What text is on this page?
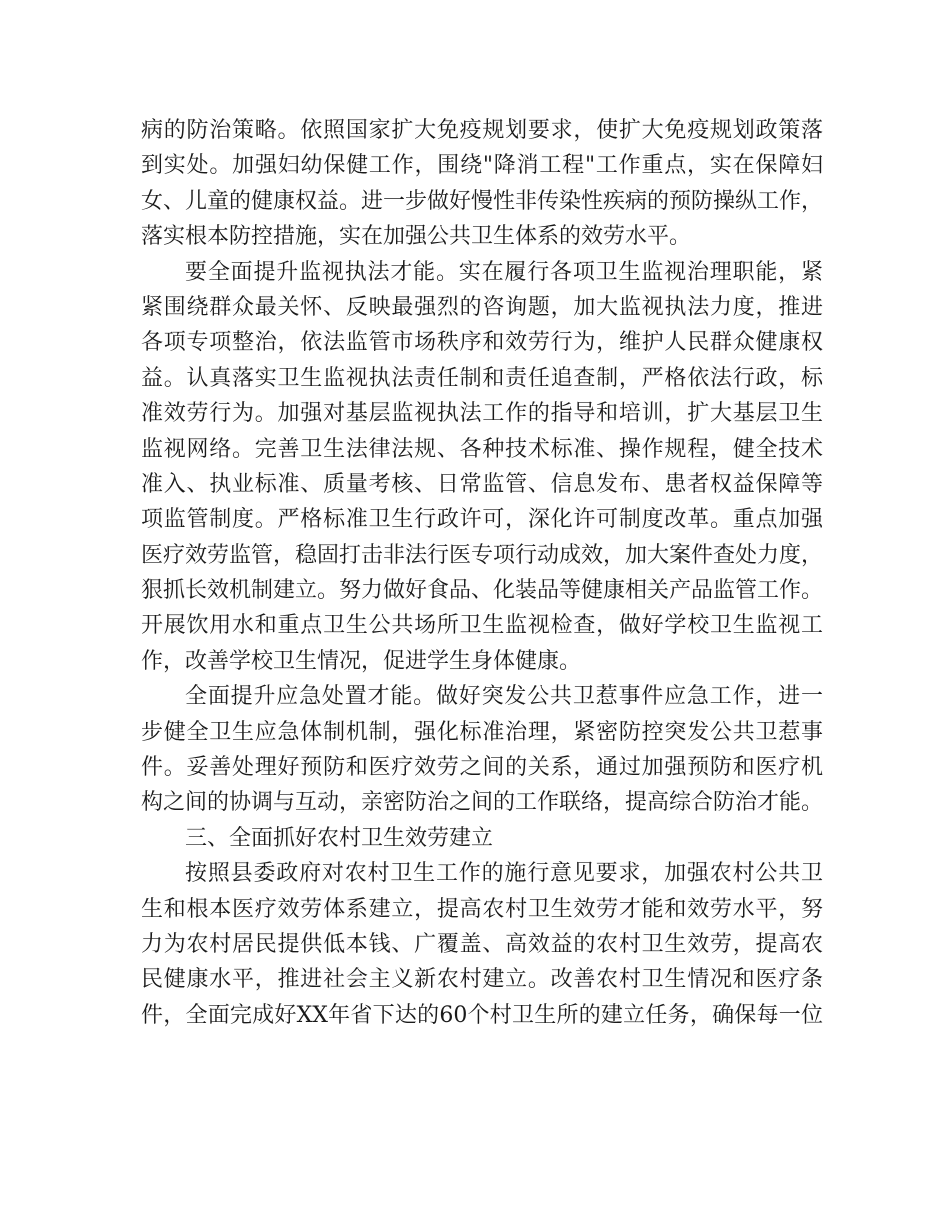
病的防治策略。依照国家扩大免疫规划要求，使扩大免疫规划政策落
到实处。加强妇幼保健工作，围绕"降消工程"工作重点，实在保障妇
女、儿童的健康权益。进一步做好慢性非传染性疾病的预防操纵工作，
落实根本防控措施，实在加强公共卫生体系的效劳水平。
要全面提升监视执法才能。实在履行各项卫生监视治理职能，紧
紧围绕群众最关怀、反映最强烈的咨询题，加大监视执法力度，推进
各项专项整治，依法监管市场秩序和效劳行为，维护人民群众健康权
益。认真落实卫生监视执法责任制和责任追查制，严格依法行政，标
准效劳行为。加强对基层监视执法工作的指导和培训，扩大基层卫生
监视网络。完善卫生法律法规、各种技术标准、操作规程，健全技术
准入、执业标准、质量考核、日常监管、信息发布、患者权益保障等
项监管制度。严格标准卫生行政许可，深化许可制度改革。重点加强
医疗效劳监管，稳固打击非法行医专项行动成效，加大案件查处力度，
狠抓长效机制建立。努力做好食品、化装品等健康相关产品监管工作。
开展饮用水和重点卫生公共场所卫生监视检查，做好学校卫生监视工
作，改善学校卫生情况，促进学生身体健康。
全面提升应急处置才能。做好突发公共卫惹事件应急工作，进一
步健全卫生应急体制机制，强化标准治理，紧密防控突发公共卫惹事
件。妥善处理好预防和医疗效劳之间的关系，通过加强预防和医疗机
构之间的协调与互动，亲密防治之间的工作联络，提高综合防治才能。
三、全面抓好农村卫生效劳建立
按照县委政府对农村卫生工作的施行意见要求，加强农村公共卫
生和根本医疗效劳体系建立，提高农村卫生效劳才能和效劳水平，努
力为农村居民提供低本钱、广覆盖、高效益的农村卫生效劳，提高农
民健康水平，推进社会主义新农村建立。改善农村卫生情况和医疗条
件，全面完成好XX年省下达的60个村卫生所的建立任务，确保每一位
